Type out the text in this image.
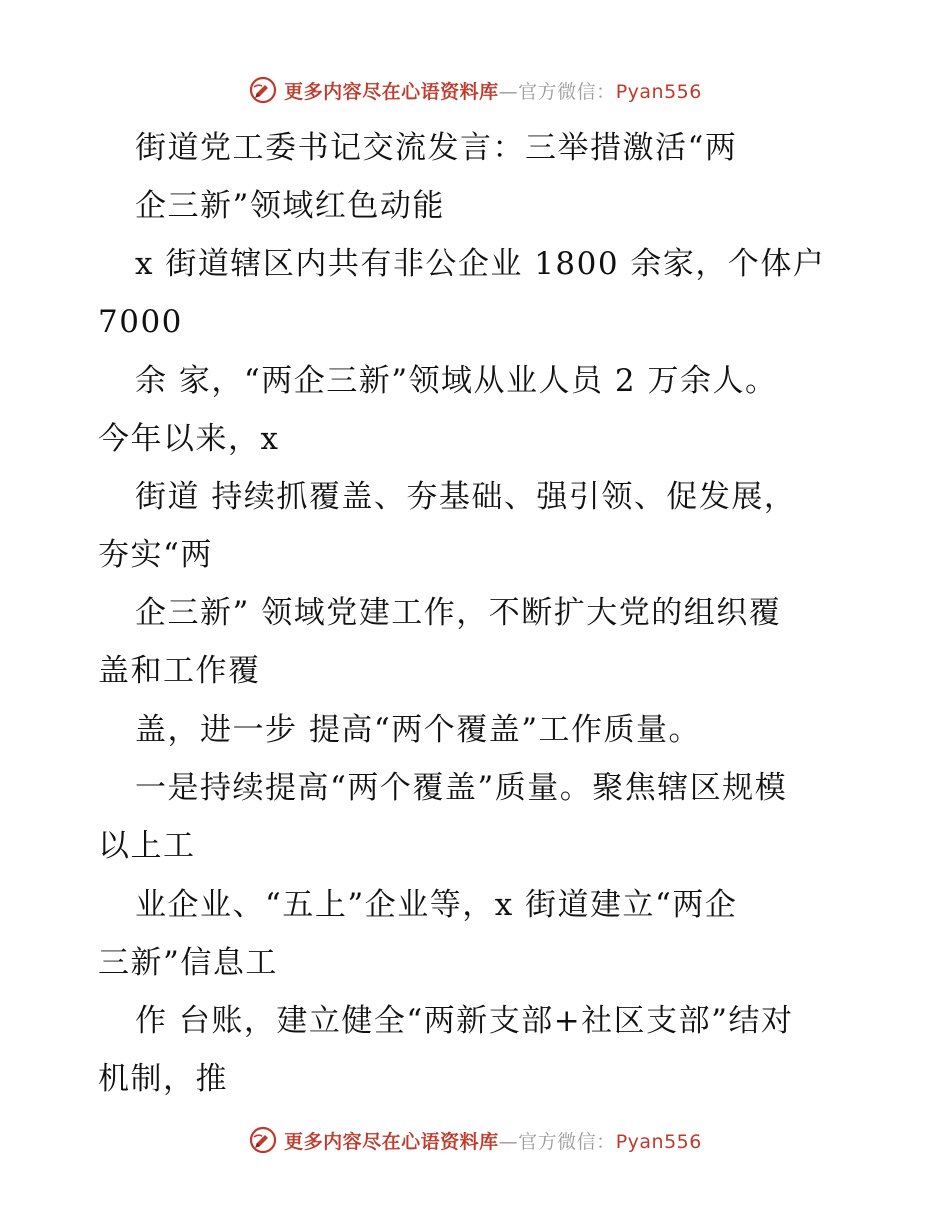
更多内容尽在心语资料库—官方微信：Pyan556
街道党工委书记交流发言：三举措激活“两
企三新”领域红色动能
x 街道辖区内共有非公企业 1800 余家，个体户
7000
余 家，“两企三新”领域从业人员 2 万余人。
今年以来，x
街道 持续抓覆盖、夯基础、强引领、促发展，
夯实“两
企三新” 领域党建工作，不断扩大党的组织覆
盖和工作覆
盖，进一步 提高“两个覆盖”工作质量。
一是持续提高“两个覆盖”质量。聚焦辖区规模
以上工
业企业、“五上”企业等，x 街道建立“两企
三新”信息工
作 台账，建立健全“两新支部+社区支部”结对
机制，推
更多内容尽在心语资料库—官方微信：Pyan556
